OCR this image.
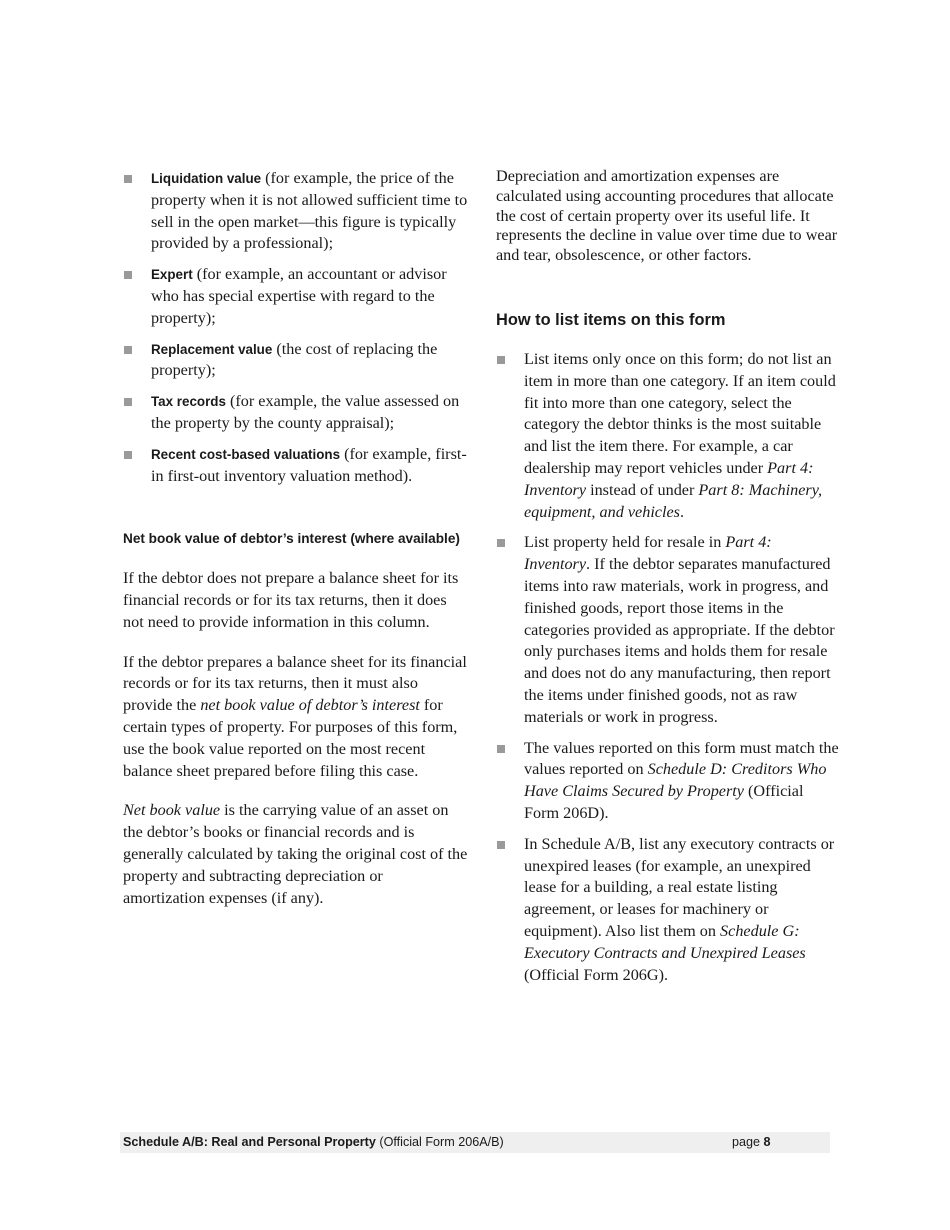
Liquidation value (for example, the price of the property when it is not allowed sufficient time to sell in the open market—this figure is typically provided by a professional);
Expert (for example, an accountant or advisor who has special expertise with regard to the property);
Replacement value (the cost of replacing the property);
Tax records (for example, the value assessed on the property by the county appraisal);
Recent cost-based valuations (for example, first-in first-out inventory valuation method).
Net book value of debtor’s interest (where available)

If the debtor does not prepare a balance sheet for its financial records or for its tax returns, then it does not need to provide information in this column.

If the debtor prepares a balance sheet for its financial records or for its tax returns, then it must also provide the net book value of debtor’s interest for certain types of property. For purposes of this form, use the book value reported on the most recent balance sheet prepared before filing this case.

Net book value is the carrying value of an asset on the debtor’s books or financial records and is generally calculated by taking the original cost of the property and subtracting depreciation or amortization expenses (if any).

Depreciation and amortization expenses are calculated using accounting procedures that allocate the cost of certain property over its useful life. It represents the decline in value over time due to wear and tear, obsolescence, or other factors.

How to list items on this form
List items only once on this form; do not list an item in more than one category. If an item could fit into more than one category, select the category the debtor thinks is the most suitable and list the item there. For example, a car dealership may report vehicles under Part 4: Inventory instead of under Part 8: Machinery, equipment, and vehicles.
List property held for resale in Part 4: Inventory. If the debtor separates manufactured items into raw materials, work in progress, and finished goods, report those items in the categories provided as appropriate. If the debtor only purchases items and holds them for resale and does not do any manufacturing, then report the items under finished goods, not as raw materials or work in progress.
The values reported on this form must match the values reported on Schedule D: Creditors Who Have Claims Secured by Property (Official Form 206D).
In Schedule A/B, list any executory contracts or unexpired leases (for example, an unexpired lease for a building, a real estate listing agreement, or leases for machinery or equipment). Also list them on Schedule G: Executory Contracts and Unexpired Leases (Official Form 206G).
Schedule A/B: Real and Personal Property (Official Form 206A/B)	page 8
